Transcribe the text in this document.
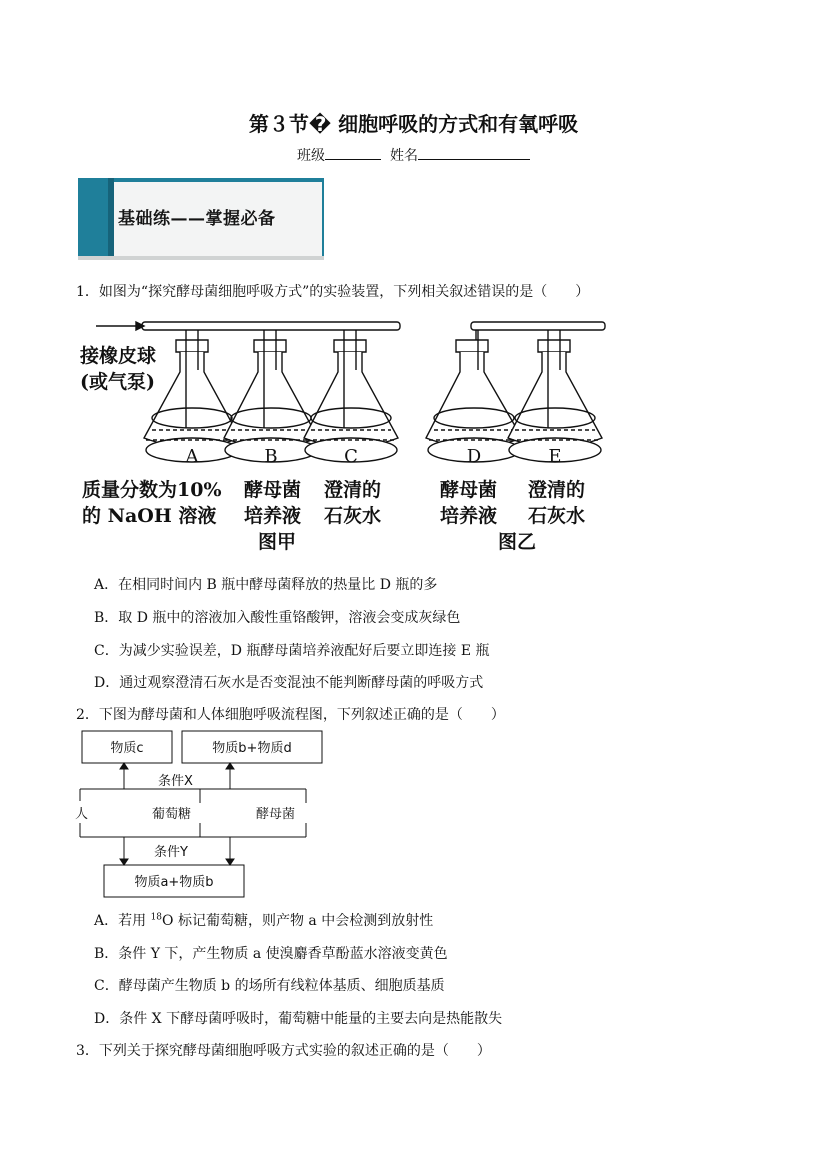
第３节� 细胞呼吸的方式和有氧呼吸
班级	姓名
基础练——掌握必备
1．如图为“探究酵母菌细胞呼吸方式”的实验装置，下列相关叙述错误的是（　　）
接橡皮球
(或气泵)
A	B	C	D	E
质量分数为10%
的 NaOH 溶液
酵母菌
培养液
澄清的
石灰水
酵母菌
培养液
澄清的
石灰水
图甲	图乙
A．在相同时间内 B 瓶中酵母菌释放的热量比 D 瓶的多
B．取 D 瓶中的溶液加入酸性重铬酸钾，溶液会变成灰绿色
C．为减少实验误差，D 瓶酵母菌培养液配好后要立即连接 E 瓶
D．通过观察澄清石灰水是否变混浊不能判断酵母菌的呼吸方式
2．下图为酵母菌和人体细胞呼吸流程图，下列叙述正确的是（　　）
物质c	物质b+物质d
条件X
人	葡萄糖	酵母菌
条件Y
物质a+物质b
A．若用 $^{18}$O 标记葡萄糖，则产物 a 中会检测到放射性
B．条件 Y 下，产生物质 a 使溴麝香草酚蓝水溶液变黄色
C．酵母菌产生物质 b 的场所有线粒体基质、细胞质基质
D．条件 X 下酵母菌呼吸时，葡萄糖中能量的主要去向是热能散失
3．下列关于探究酵母菌细胞呼吸方式实验的叙述正确的是（　　）
